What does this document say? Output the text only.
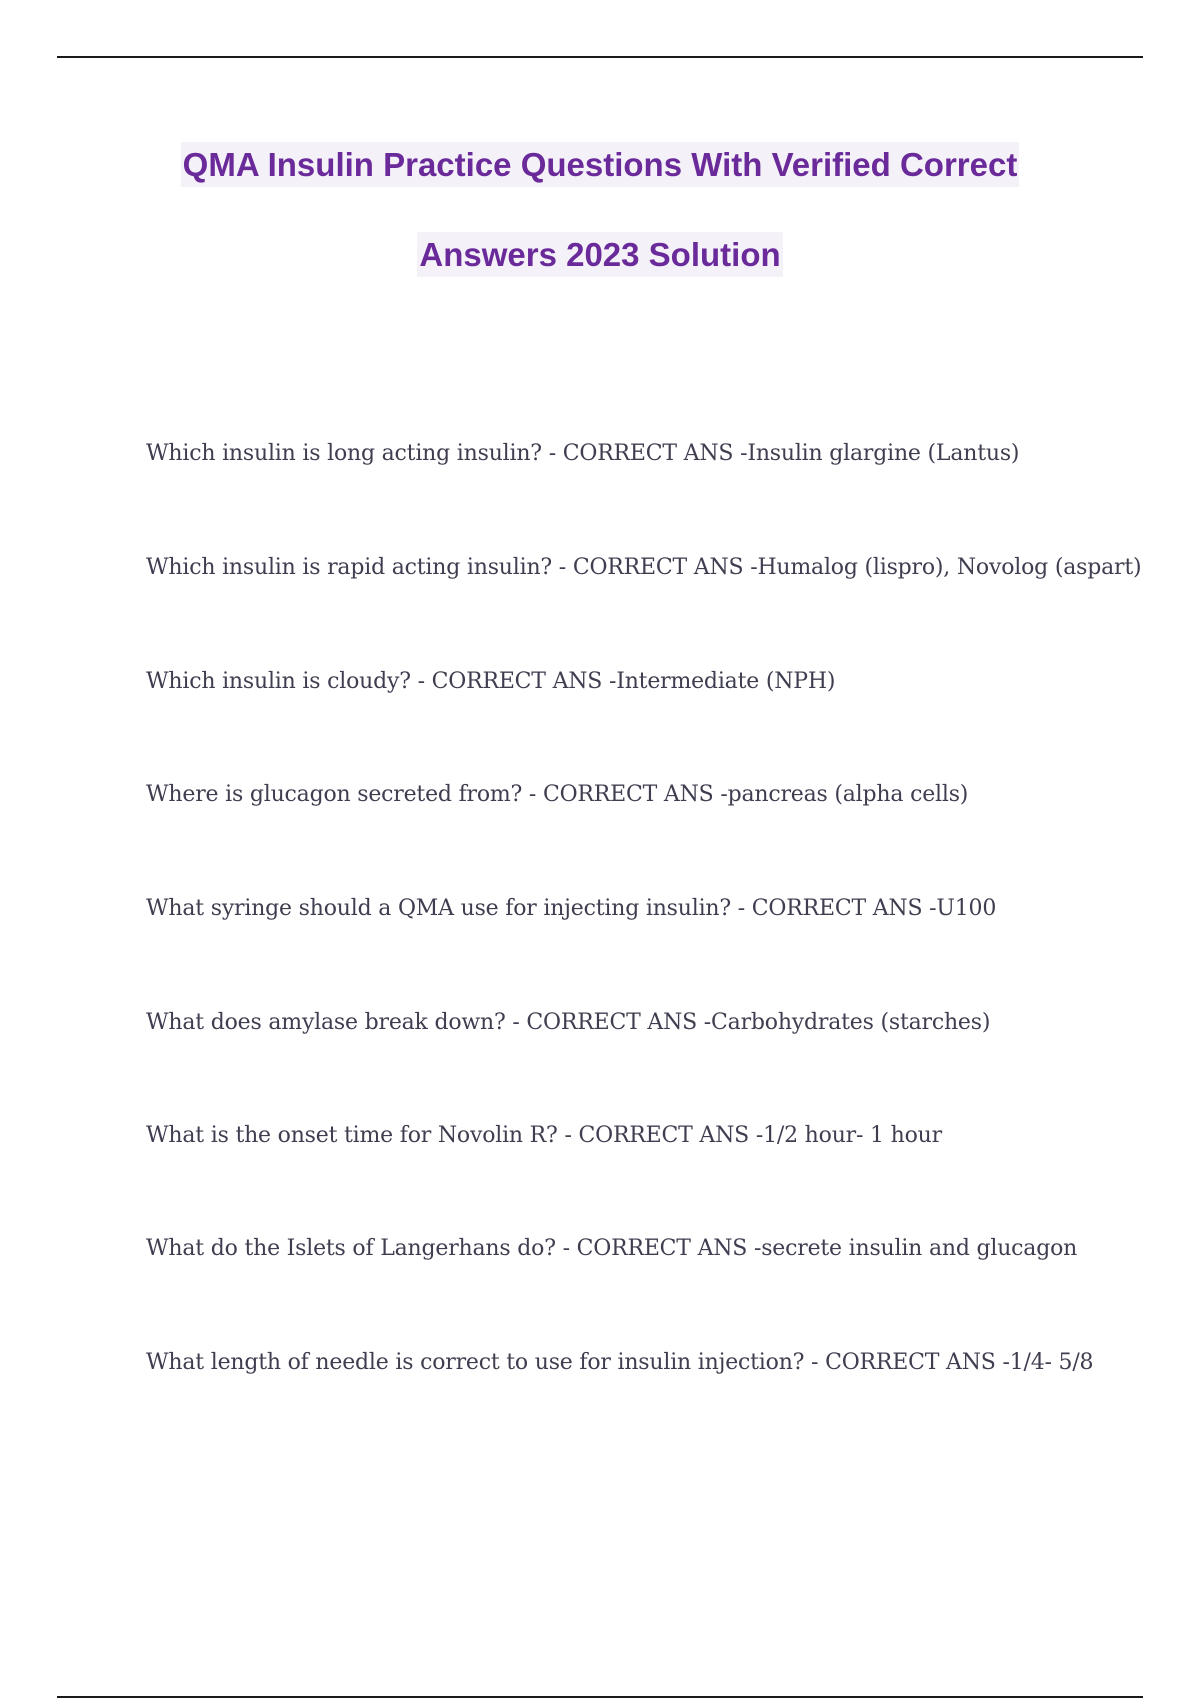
QMA Insulin Practice Questions With Verified Correct
Answers 2023 Solution
Which insulin is long acting insulin? - CORRECT ANS -Insulin glargine (Lantus)
Which insulin is rapid acting insulin? - CORRECT ANS -Humalog (lispro), Novolog (aspart)
Which insulin is cloudy? - CORRECT ANS -Intermediate (NPH)
Where is glucagon secreted from? - CORRECT ANS -pancreas (alpha cells)
What syringe should a QMA use for injecting insulin? - CORRECT ANS -U100
What does amylase break down? - CORRECT ANS -Carbohydrates (starches)
What is the onset time for Novolin R? - CORRECT ANS -1/2 hour- 1 hour
What do the Islets of Langerhans do? - CORRECT ANS -secrete insulin and glucagon
What length of needle is correct to use for insulin injection? - CORRECT ANS -1/4- 5/8
